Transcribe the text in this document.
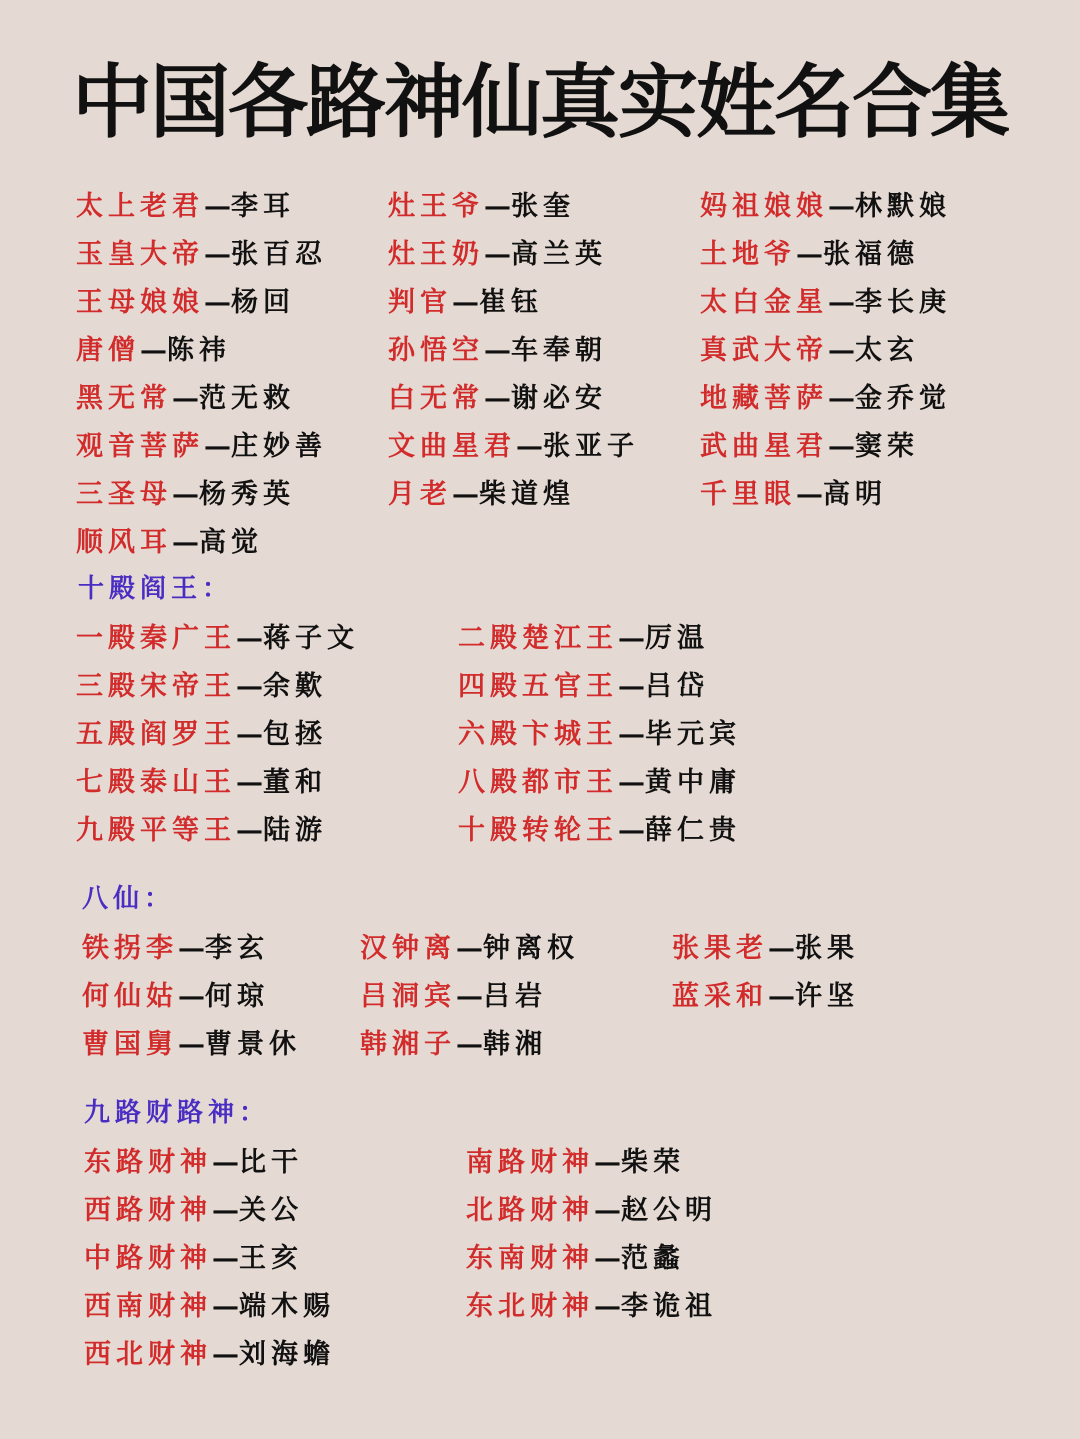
中国各路神仙真实姓名合集
太上老君—李耳
玉皇大帝—张百忍
王母娘娘—杨回
唐僧—陈祎
黑无常—范无救
观音菩萨—庄妙善
三圣母—杨秀英
顺风耳—高觉
灶王爷—张奎
灶王奶—高兰英
判官—崔钰
孙悟空—车奉朝
白无常—谢必安
文曲星君—张亚子
月老—柴道煌
妈祖娘娘—林默娘
土地爷—张福德
太白金星—李长庚
真武大帝—太玄
地藏菩萨—金乔觉
武曲星君—窦荣
千里眼—高明
十殿阎王：
一殿秦广王—蒋子文
三殿宋帝王—余歎
五殿阎罗王—包拯
七殿泰山王—董和
九殿平等王—陆游
二殿楚江王—厉温
四殿五官王—吕岱
六殿卞城王—毕元宾
八殿都市王—黄中庸
十殿转轮王—薛仁贵
八仙：
铁拐李—李玄
何仙姑—何琼
曹国舅—曹景休
汉钟离—钟离权
吕洞宾—吕岩
韩湘子—韩湘
张果老—张果
蓝采和—许坚
九路财路神：
东路财神—比干
西路财神—关公
中路财神—王亥
西南财神—端木赐
西北财神—刘海蟾
南路财神—柴荣
北路财神—赵公明
东南财神—范蠡
东北财神—李诡祖
